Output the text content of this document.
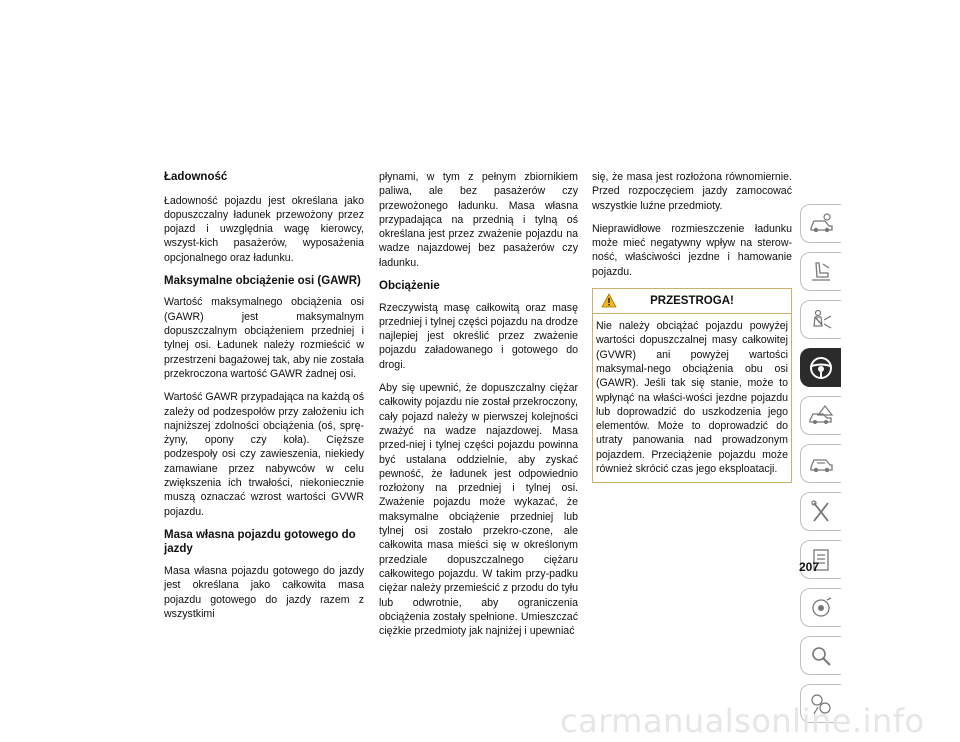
Ładowność

Ładowność pojazdu jest określana jako dopuszczalny ładunek przewożony przez pojazd i uwzględnia wagę kierowcy, wszyst-kich pasażerów, wyposażenia opcjonalnego oraz ładunku.

Maksymalne obciążenie osi (GAWR)

Wartość maksymalnego obciążenia osi (GAWR) jest maksymalnym dopuszczalnym obciążeniem przedniej i tylnej osi. Ładunek należy rozmieścić w przestrzeni bagażowej tak, aby nie została przekroczona wartość GAWR żadnej osi.

Wartość GAWR przypadająca na każdą oś zależy od podzespołów przy założeniu ich najniższej zdolności obciążenia (oś, sprę-żyny, opony czy koła). Cięższe podzespoły osi czy zawieszenia, niekiedy zamawiane przez nabywców w celu zwiększenia ich trwałości, niekoniecznie muszą oznaczać wzrost wartości GVWR pojazdu.

Masa własna pojazdu gotowego do jazdy

Masa własna pojazdu gotowego do jazdy jest określana jako całkowita masa pojazdu gotowego do jazdy razem z wszystkimi

płynami, w tym z pełnym zbiornikiem paliwa, ale bez pasażerów czy przewożonego ładunku. Masa własna przypadająca na przednią i tylną oś określana jest przez zważenie pojazdu na wadze najazdowej bez pasażerów czy ładunku.

Obciążenie

Rzeczywistą masę całkowitą oraz masę przedniej i tylnej części pojazdu na drodze najlepiej jest określić przez zważenie pojazdu załadowanego i gotowego do drogi.

Aby się upewnić, że dopuszczalny ciężar całkowity pojazdu nie został przekroczony, cały pojazd należy w pierwszej kolejności zważyć na wadze najazdowej. Masa przed-niej i tylnej części pojazdu powinna być ustalana oddzielnie, aby zyskać pewność, że ładunek jest odpowiednio rozłożony na przedniej i tylnej osi. Zważenie pojazdu może wykazać, że maksymalne obciążenie przedniej lub tylnej osi zostało przekro-czone, ale całkowita masa mieści się w określonym przedziale dopuszczalnego ciężaru całkowitego pojazdu. W takim przy-padku ciężar należy przemieścić z przodu do tyłu lub odwrotnie, aby ograniczenia obciążenia zostały spełnione. Umieszczać ciężkie przedmioty jak najniżej i upewniać

się, że masa jest rozłożona równomiernie. Przed rozpoczęciem jazdy zamocować wszystkie luźne przedmioty.

Nieprawidłowe rozmieszczenie ładunku może mieć negatywny wpływ na sterow-ność, właściwości jezdne i hamowanie pojazdu.

PRZESTROGA!

Nie należy obciążać pojazdu powyżej wartości dopuszczalnej masy całkowitej (GVWR) ani powyżej wartości maksymal-nego obciążenia obu osi (GAWR). Jeśli tak się stanie, może to wpłynąć na właści-wości jezdne pojazdu lub doprowadzić do uszkodzenia jego elementów. Może to doprowadzić do utraty panowania nad prowadzonym pojazdem. Przeciążenie pojazdu może również skrócić czas jego eksploatacji.

207
carmanualsonline.info
